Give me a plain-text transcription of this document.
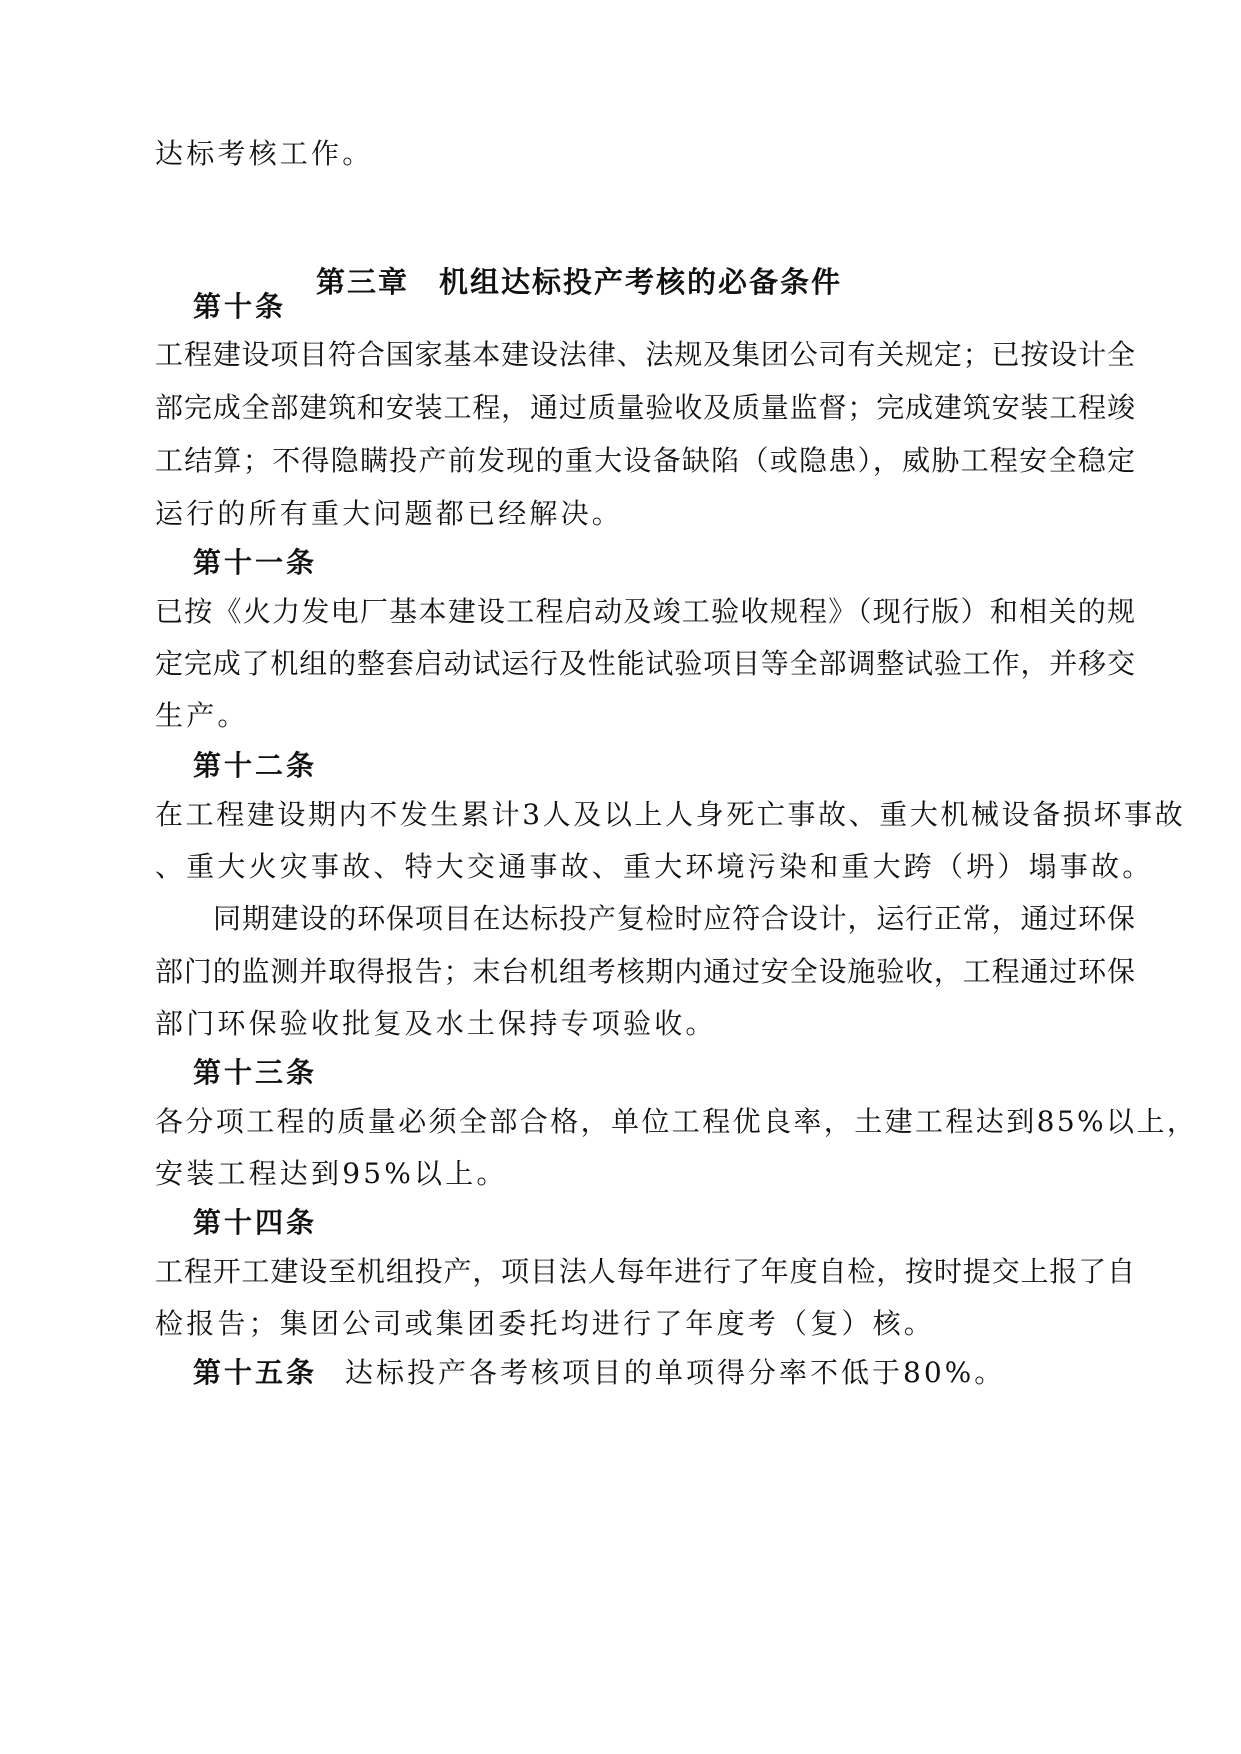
达标考核工作。
第三章 机组达标投产考核的必备条件
第十条
工程建设项目符合国家基本建设法律、法规及集团公司有关规定；已按设计全
部完成全部建筑和安装工程，通过质量验收及质量监督；完成建筑安装工程竣
工结算；不得隐瞒投产前发现的重大设备缺陷（或隐患），威胁工程安全稳定
运行的所有重大问题都已经解决。
第十一条
已按《火力发电厂基本建设工程启动及竣工验收规程》（现行版）和相关的规
定完成了机组的整套启动试运行及性能试验项目等全部调整试验工作，并移交
生产。
第十二条
在工程建设期内不发生累计3人及以上人身死亡事故、重大机械设备损坏事故
、重大火灾事故、特大交通事故、重大环境污染和重大跨（坍）塌事故。
同期建设的环保项目在达标投产复检时应符合设计，运行正常，通过环保
部门的监测并取得报告；末台机组考核期内通过安全设施验收，工程通过环保
部门环保验收批复及水土保持专项验收。
第十三条
各分项工程的质量必须全部合格，单位工程优良率，土建工程达到85%以上，
安装工程达到95%以上。
第十四条
工程开工建设至机组投产，项目法人每年进行了年度自检，按时提交上报了自
检报告；集团公司或集团委托均进行了年度考（复）核。
第十五条 达标投产各考核项目的单项得分率不低于80%。
